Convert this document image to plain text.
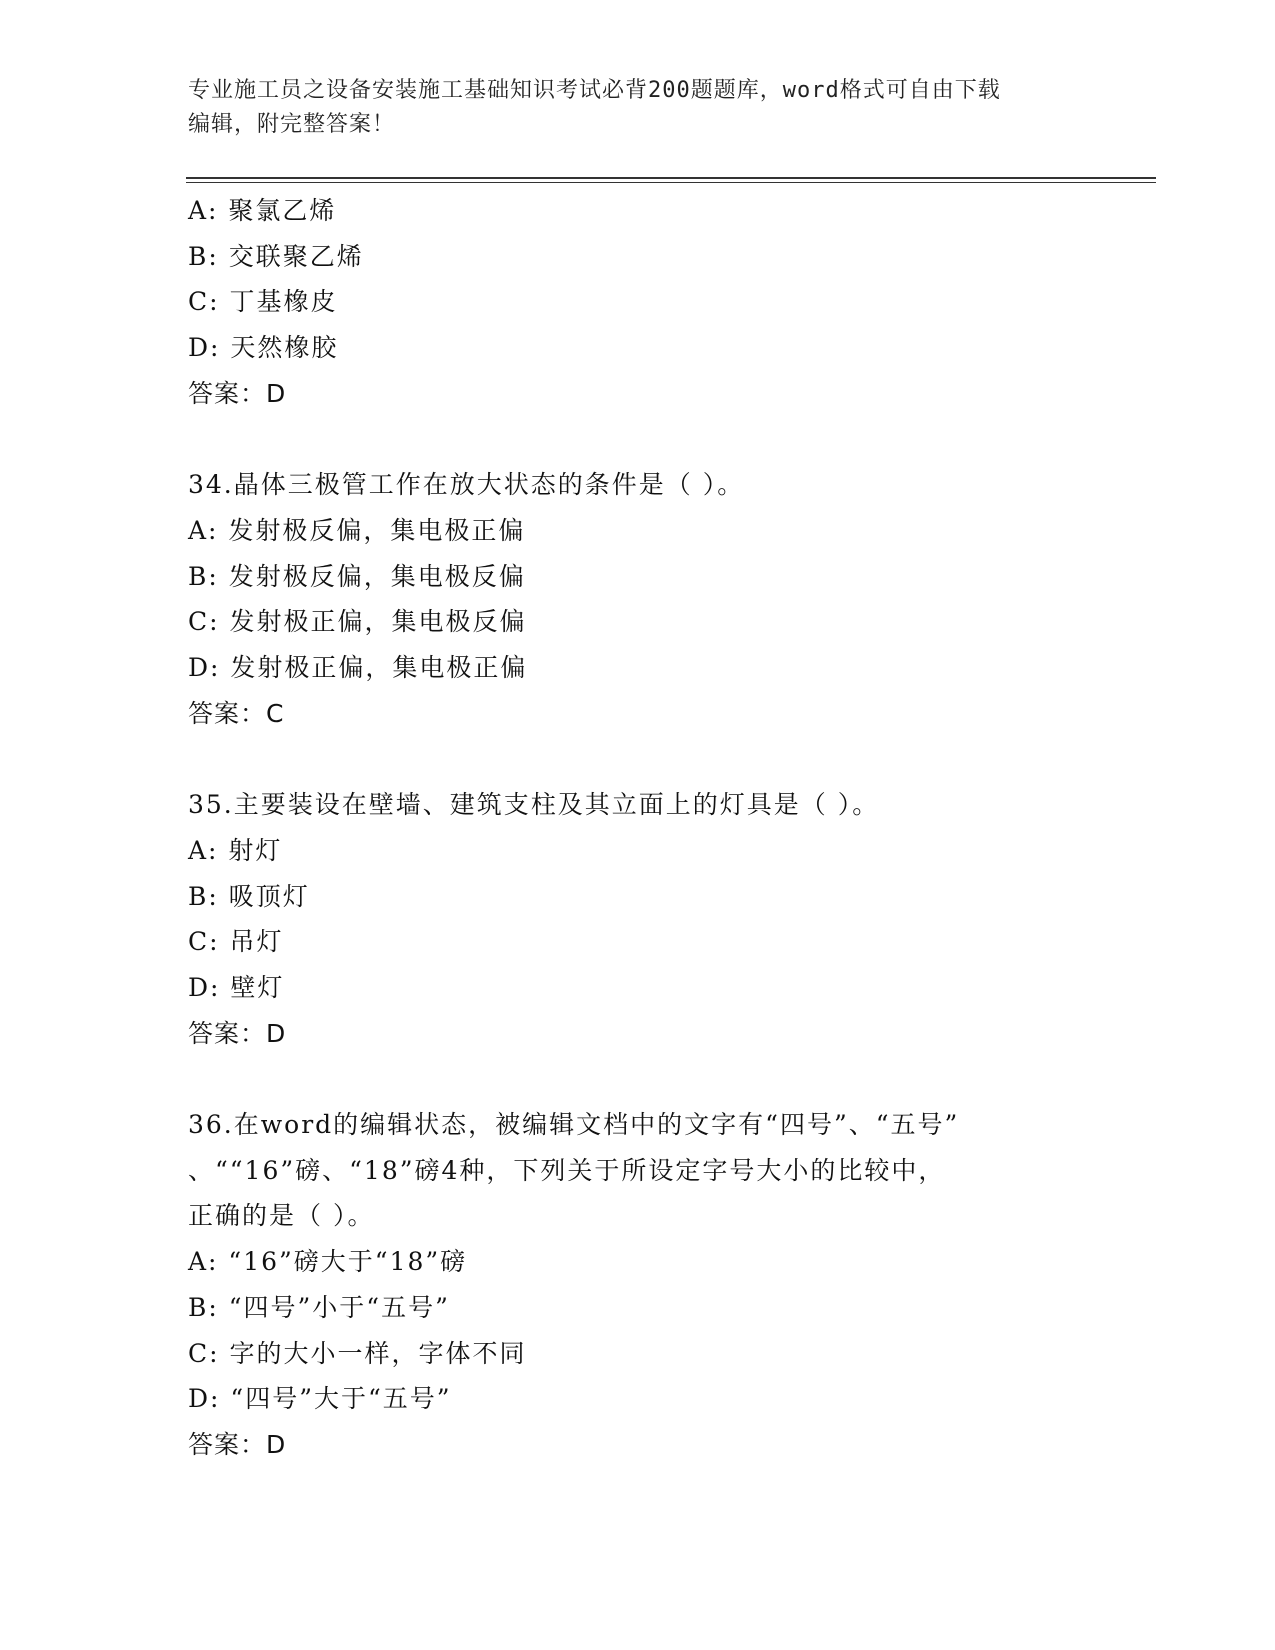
专业施工员之设备安装施工基础知识考试必背200题题库，word格式可自由下载
编辑，附完整答案！
A: 聚氯乙烯
B: 交联聚乙烯
C: 丁基橡皮
D: 天然橡胶
答案：D
34.晶体三极管工作在放大状态的条件是（ ）。
A: 发射极反偏，集电极正偏
B: 发射极反偏，集电极反偏
C: 发射极正偏，集电极反偏
D: 发射极正偏，集电极正偏
答案：C
35.主要装设在壁墙、建筑支柱及其立面上的灯具是（ ）。
A: 射灯
B: 吸顶灯
C: 吊灯
D: 壁灯
答案：D
36.在word的编辑状态，被编辑文档中的文字有“四号”、“五号”
、““16”磅、“18”磅4种，下列关于所设定字号大小的比较中，
正确的是（ ）。
A: “16”磅大于“18”磅
B: “四号”小于“五号”
C: 字的大小一样，字体不同
D: “四号”大于“五号”
答案：D
